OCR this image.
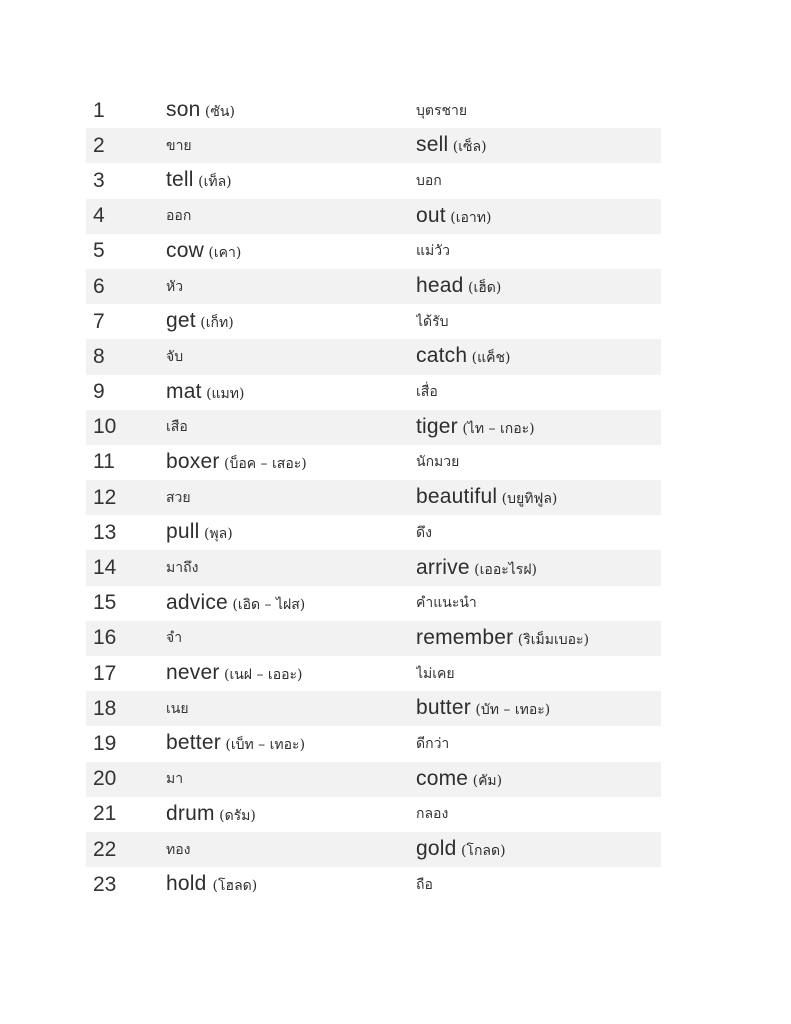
1	son (ซัน)	บุตรชาย
2	ขาย	sell (เซ็ล)
3	tell (เท็ล)	บอก
4	ออก	out (เอาท)
5	cow (เคา)	แม่วัว
6	หัว	head (เฮ็ด)
7	get (เก็ท)	ได้รับ
8	จับ	catch (แค็ช)
9	mat (แมท)	เสื่อ
10	เสือ	tiger (ไท – เกอะ)
11	boxer (บ็อค – เสอะ)	นักมวย
12	สวย	beautiful (บยูทิฟูล)
13	pull (พุล)	ดึง
14	มาถึง	arrive (เออะไรฝ)
15	advice (เอิด – ไฝส)	คำแนะนำ
16	จำ	remember (ริเม็มเบอะ)
17	never (เนฝ – เออะ)	ไม่เคย
18	เนย	butter (บัท – เทอะ)
19	better (เบ็ท – เทอะ)	ดีกว่า
20	มา	come (คัม)
21	drum (ดรัม)	กลอง
22	ทอง	gold (โกลด)
23	hold (โฮลด)	ถือ
